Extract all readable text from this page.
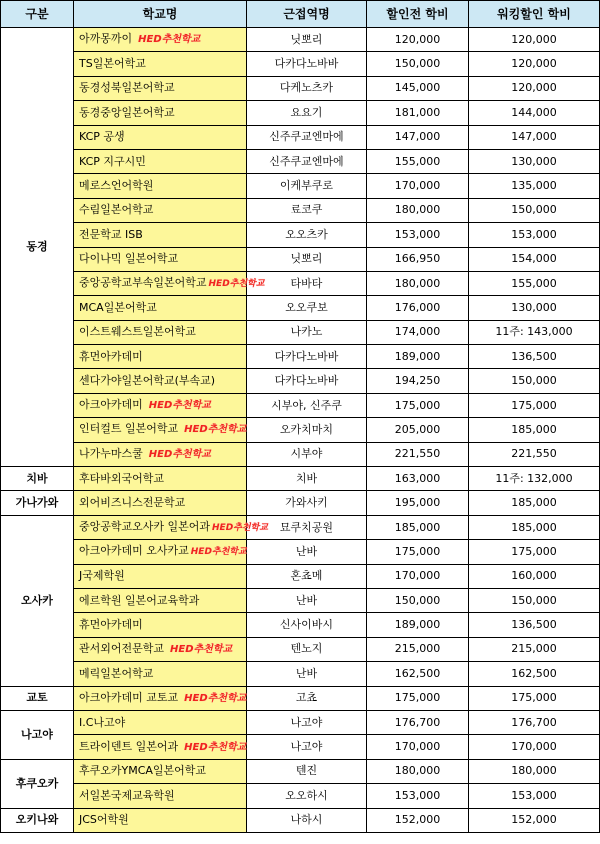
구분	학교명	근접역명	할인전 학비	워킹할인 학비
동경	아까몽까이 HED추천학교	닛뽀리	120,000	120,000
	TS일본어학교	다카다노바바	150,000	120,000
	동경성북일본어학교	다케노츠카	145,000	120,000
	동경중앙일본어학교	요요기	181,000	144,000
	KCP 공생	신주쿠교엔마에	147,000	147,000
	KCP 지구시민	신주쿠교엔마에	155,000	130,000
	메로스언어학원	이케부쿠로	170,000	135,000
	수림일본어학교	료코쿠	180,000	150,000
	전문학교 ISB	오오츠카	153,000	153,000
	다이나믹 일본어학교	닛뽀리	166,950	154,000
	중앙공학교부속일본어학교 HED추천학교	타바타	180,000	155,000
	MCA일본어학교	오오쿠보	176,000	130,000
	이스트웨스트일본어학교	나카노	174,000	11주: 143,000
	휴먼아카데미	다카다노바바	189,000	136,500
	센다가야일본어학교(부속교)	다카다노바바	194,250	150,000
	아크아카데미 HED추천학교	시부야, 신주쿠	175,000	175,000
	인터컬트 일본어학교 HED추천학교	오카치마치	205,000	185,000
	나가누마스쿨 HED추천학교	시부야	221,550	221,550
치바	후타바외국어학교	치바	163,000	11주: 132,000
가나가와	외어비즈니스전문학교	가와사키	195,000	185,000
오사카	중앙공학교오사카 일본어과 HED추천학교	묘쿠치공원	185,000	185,000
	아크아카데미 오사카교 HED추천학교	난바	175,000	175,000
	J국제학원	혼쵸메	170,000	160,000
	에르학원 일본어교육학과	난바	150,000	150,000
	휴먼아카데미	신사이바시	189,000	136,500
	관서외어전문학교 HED추천학교	텐노지	215,000	215,000
	메릭일본어학교	난바	162,500	162,500
교토	아크아카데미 교토교 HED추천학교	고쵸	175,000	175,000
나고야	I.C나고야	나고야	176,700	176,700
	트라이덴트 일본어과 HED추천학교	나고야	170,000	170,000
후쿠오카	후쿠오카YMCA일본어학교	텐진	180,000	180,000
	서일본국제교육학원	오오하시	153,000	153,000
오키나와	JCS어학원	나하시	152,000	152,000
